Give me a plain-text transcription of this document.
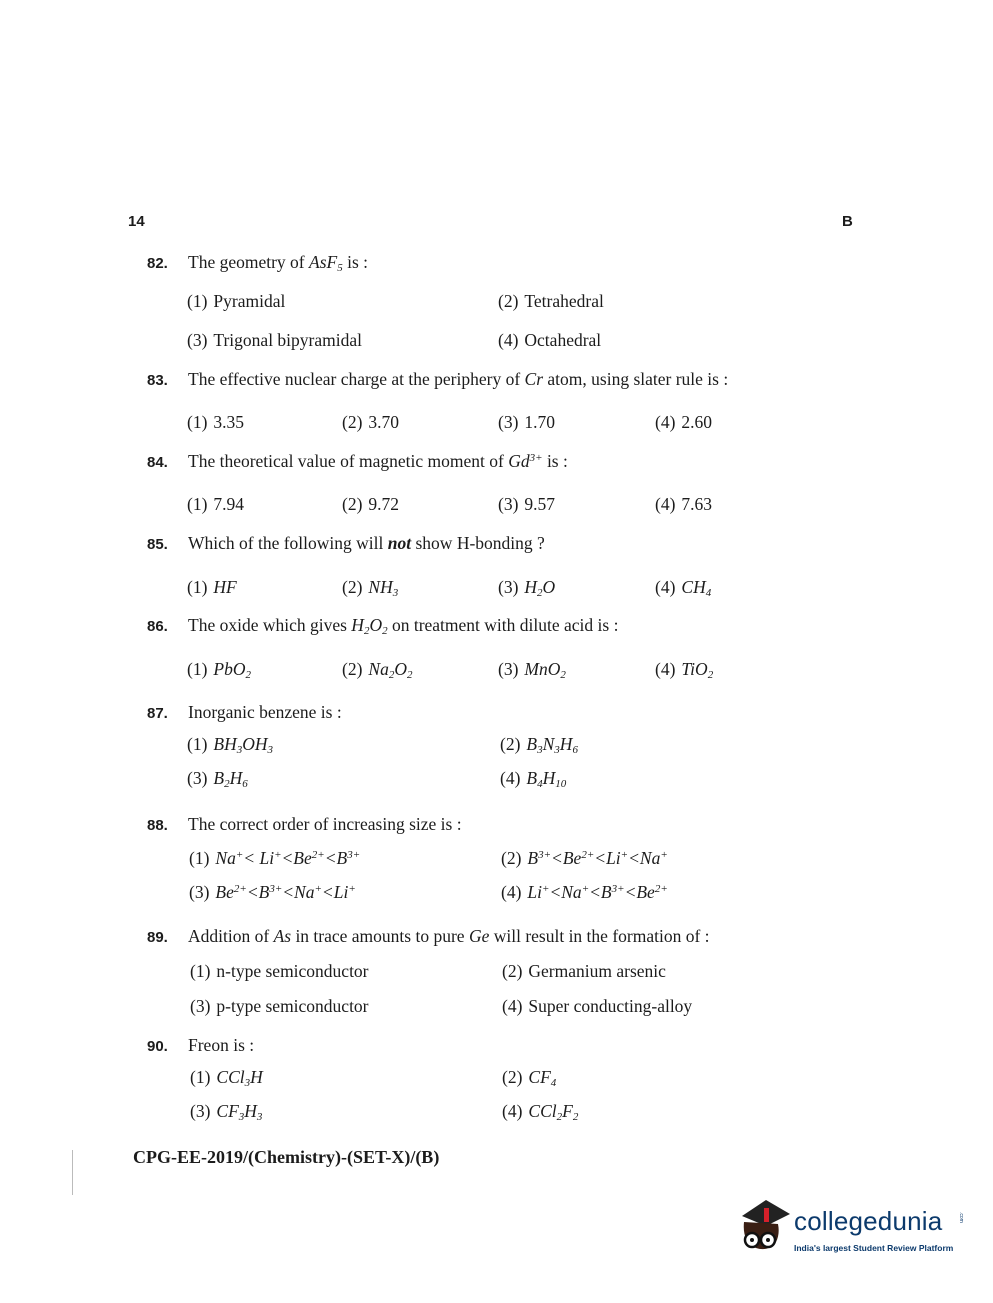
14	B
82. The geometry of AsF$_5$ is :
(1) Pyramidal	(2) Tetrahedral
(3) Trigonal bipyramidal	(4) Octahedral
83. The effective nuclear charge at the periphery of Cr atom, using slater rule is :
(1) 3.35	(2) 3.70	(3) 1.70	(4) 2.60
84. The theoretical value of magnetic moment of $Gd^{3+}$ is :
(1) 7.94	(2) 9.72	(3) 9.57	(4) 7.63
85. Which of the following will not show H-bonding ?
(1) HF	(2) $NH_3$	(3) $H_2O$	(4) $CH_4$
86. The oxide which gives $H_2O_2$ on treatment with dilute acid is :
(1) PbO$_2$	(2) $Na_2O_2$	(3) MnO$_2$	(4) TiO$_2$
87. Inorganic benzene is :
(1) $BH_3OH_3$	(2) $B_3N_3H_6$
(3) $B_2H_6$	(4) $B_4H_{10}$
88. The correct order of increasing size is :
(1) $Na^+< Li^+<Be^{2+}<B^{3+}$	(2) $B^{3+}<Be^{2+}<Li^+<Na^+$
(3) $Be^{2+}<B^{3+}<Na^+<Li^+$	(4) $Li^+<Na^+<B^{3+}<Be^{2+}$
89. Addition of As in trace amounts to pure Ge will result in the formation of :
(1) n-type semiconductor	(2) Germanium arsenic
(3) p-type semiconductor	(4) Super conducting-alloy
90. Freon is :
(1) CCl$_3$H	(2) $CF_4$
(3) $CF_3H_3$	(4) $CCl_2F_2$
CPG-EE-2019/(Chemistry)-(SET-X)/(B)
collegedunia	.com
India's largest Student Review Platform
